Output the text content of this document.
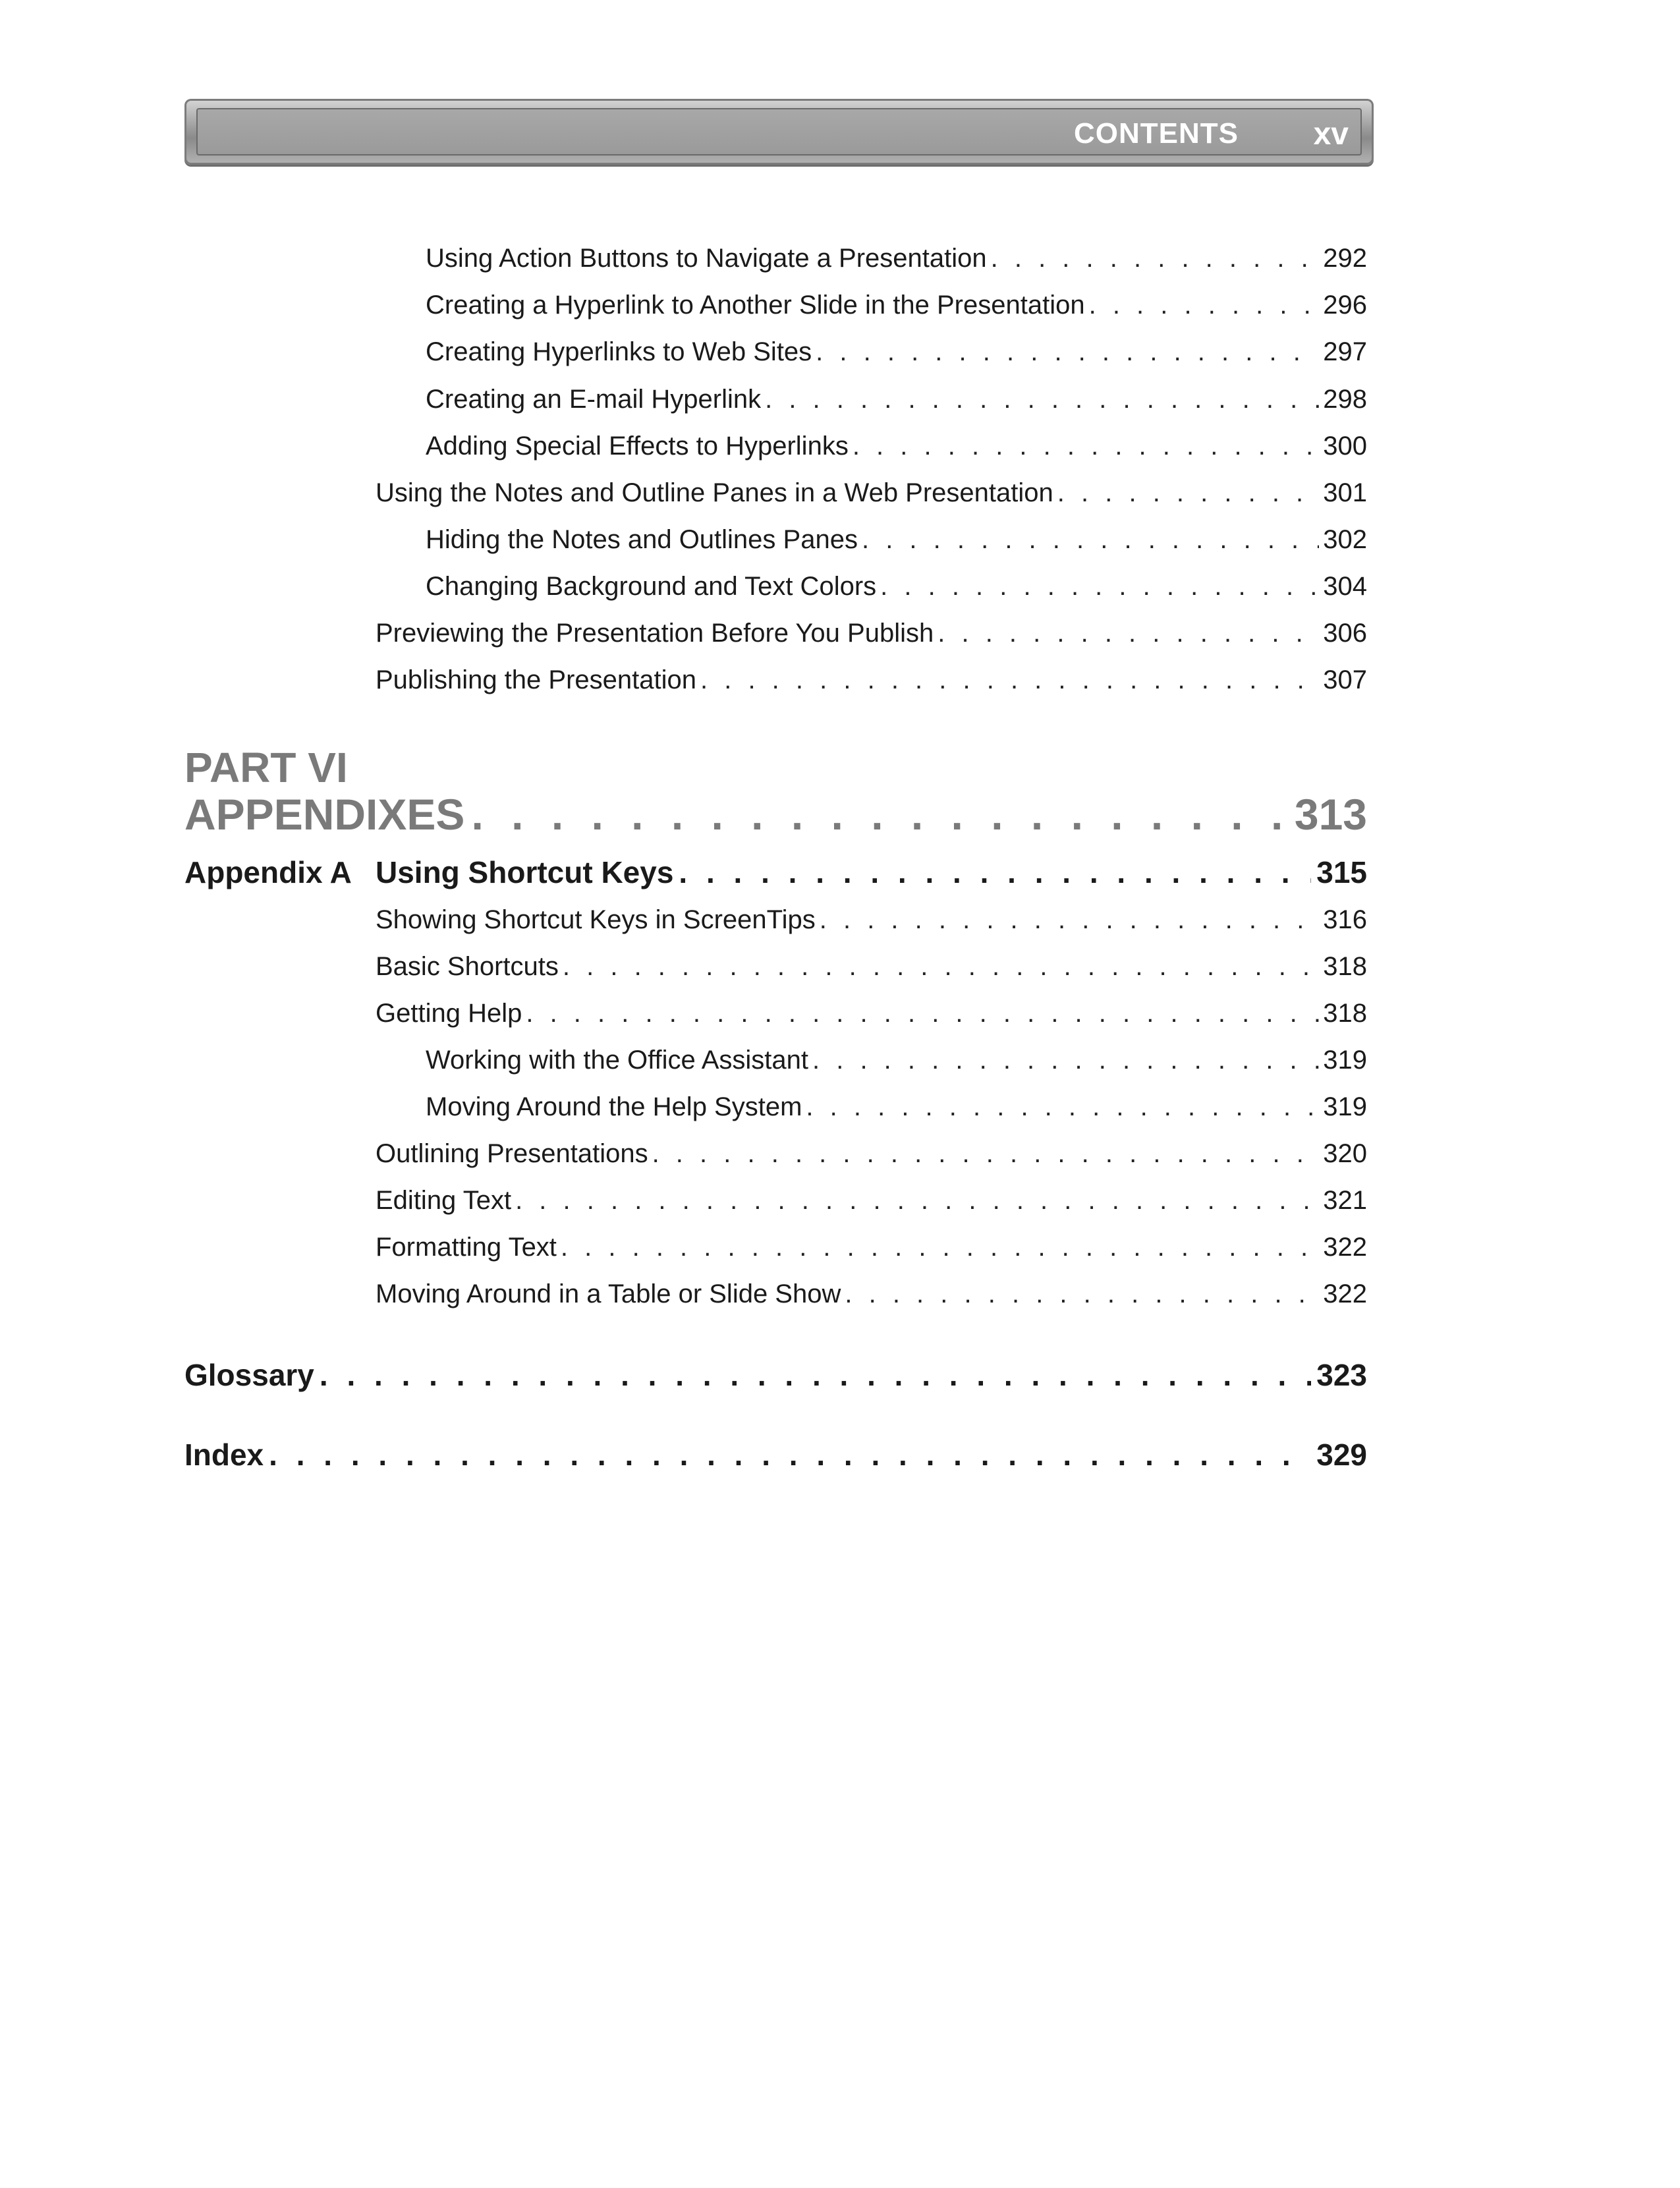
CONTENTS xv
Using Action Buttons to Navigate a Presentation . . .	292
Creating a Hyperlink to Another Slide in the Presentation . . .	296
Creating Hyperlinks to Web Sites . . .	297
Creating an E-mail Hyperlink . . .	298
Adding Special Effects to Hyperlinks . . .	300
Using the Notes and Outline Panes in a Web Presentation . . .	301
Hiding the Notes and Outlines Panes . . .	302
Changing Background and Text Colors . . .	304
Previewing the Presentation Before You Publish . . .	306
Publishing the Presentation . . .	307
PART VI
APPENDIXES . . .	313
Appendix A Using Shortcut Keys . . .	315
Showing Shortcut Keys in ScreenTips . . .	316
Basic Shortcuts . . .	318
Getting Help . . .	318
Working with the Office Assistant . . .	319
Moving Around the Help System . . .	319
Outlining Presentations . . .	320
Editing Text . . .	321
Formatting Text . . .	322
Moving Around in a Table or Slide Show . . .	322
Glossary . . .	323
Index . . .	329
